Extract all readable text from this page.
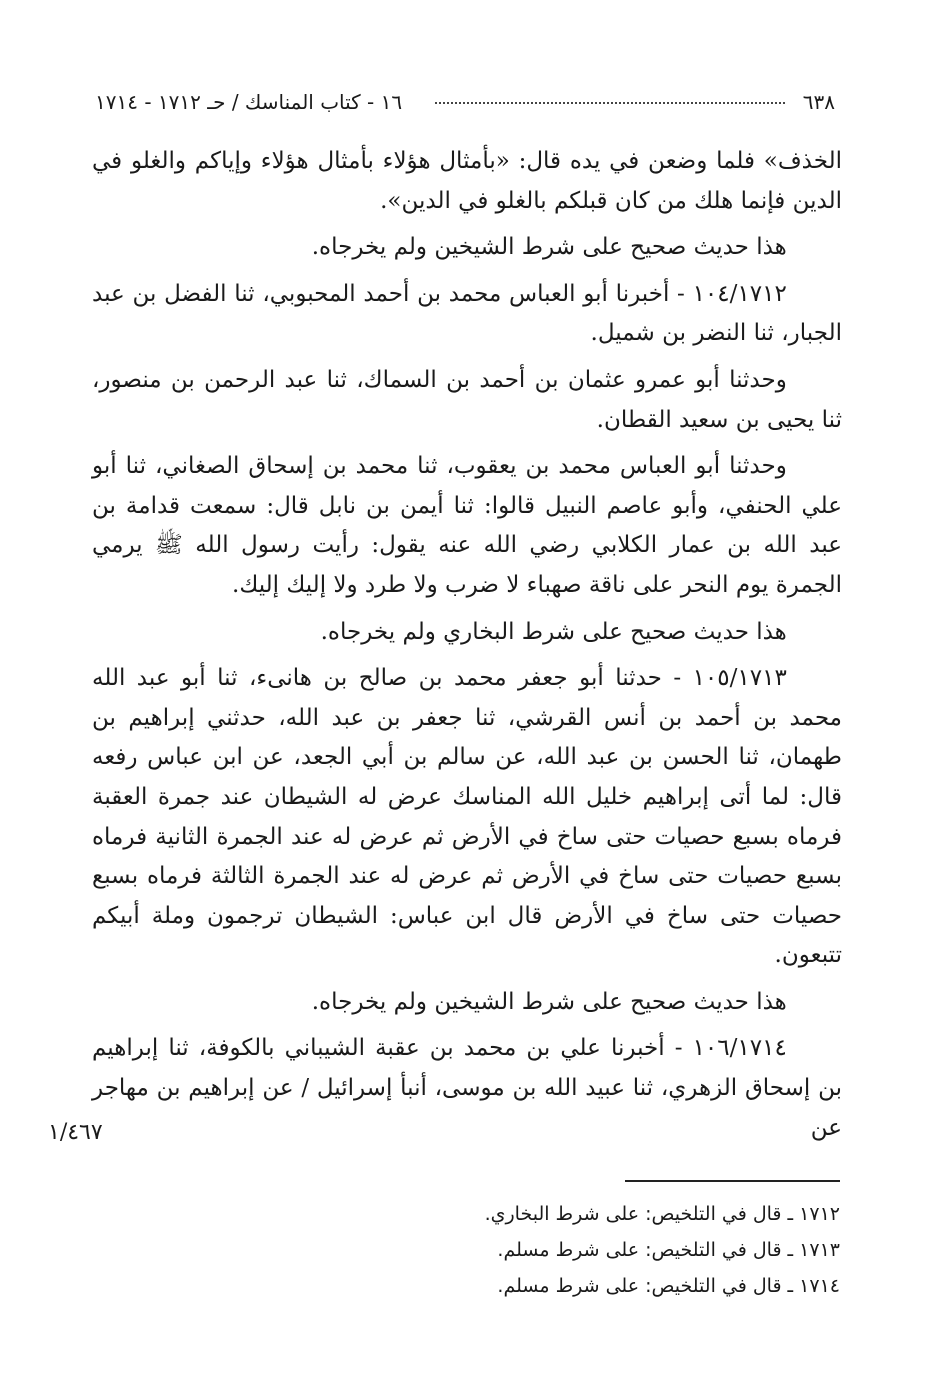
٦٣٨
١٦ - كتاب المناسك / حـ ١٧١٢ - ١٧١٤

الخذف» فلما وضعن في يده قال: «بأمثال هؤلاء بأمثال هؤلاء وإياكم والغلو في الدين فإنما هلك من كان قبلكم بالغلو في الدين».

هذا حديث صحيح على شرط الشيخين ولم يخرجاه.

١٠٤/١٧١٢ - أخبرنا أبو العباس محمد بن أحمد المحبوبي، ثنا الفضل بن عبد الجبار، ثنا النضر بن شميل.

وحدثنا أبو عمرو عثمان بن أحمد بن السماك، ثنا عبد الرحمن بن منصور، ثنا يحيى بن سعيد القطان.

وحدثنا أبو العباس محمد بن يعقوب، ثنا محمد بن إسحاق الصغاني، ثنا أبو علي الحنفي، وأبو عاصم النبيل قالوا: ثنا أيمن بن نابل قال: سمعت قدامة بن عبد الله بن عمار الكلابي رضي الله عنه يقول: رأيت رسول الله ﷺ يرمي الجمرة يوم النحر على ناقة صهباء لا ضرب ولا طرد ولا إليك إليك.

هذا حديث صحيح على شرط البخاري ولم يخرجاه.

١٠٥/١٧١٣ - حدثنا أبو جعفر محمد بن صالح بن هانىء، ثنا أبو عبد الله محمد بن أحمد بن أنس القرشي، ثنا جعفر بن عبد الله، حدثني إبراهيم بن طهمان، ثنا الحسن بن عبد الله، عن سالم بن أبي الجعد، عن ابن عباس رفعه قال: لما أتى إبراهيم خليل الله المناسك عرض له الشيطان عند جمرة العقبة فرماه بسبع حصيات حتى ساخ في الأرض ثم عرض له عند الجمرة الثانية فرماه بسبع حصيات حتى ساخ في الأرض ثم عرض له عند الجمرة الثالثة فرماه بسبع حصيات حتى ساخ في الأرض قال ابن عباس: الشيطان ترجمون وملة أبيكم تتبعون.

هذا حديث صحيح على شرط الشيخين ولم يخرجاه.

١٠٦/١٧١٤ - أخبرنا علي بن محمد بن عقبة الشيباني بالكوفة، ثنا إبراهيم بن إسحاق الزهري، ثنا عبيد الله بن موسى، أنبأ إسرائيل / عن إبراهيم بن مهاجر عن

١/٤٦٧

١٧١٢ ـ قال في التلخيص: على شرط البخاري.

١٧١٣ ـ قال في التلخيص: على شرط مسلم.

١٧١٤ ـ قال في التلخيص: على شرط مسلم.
